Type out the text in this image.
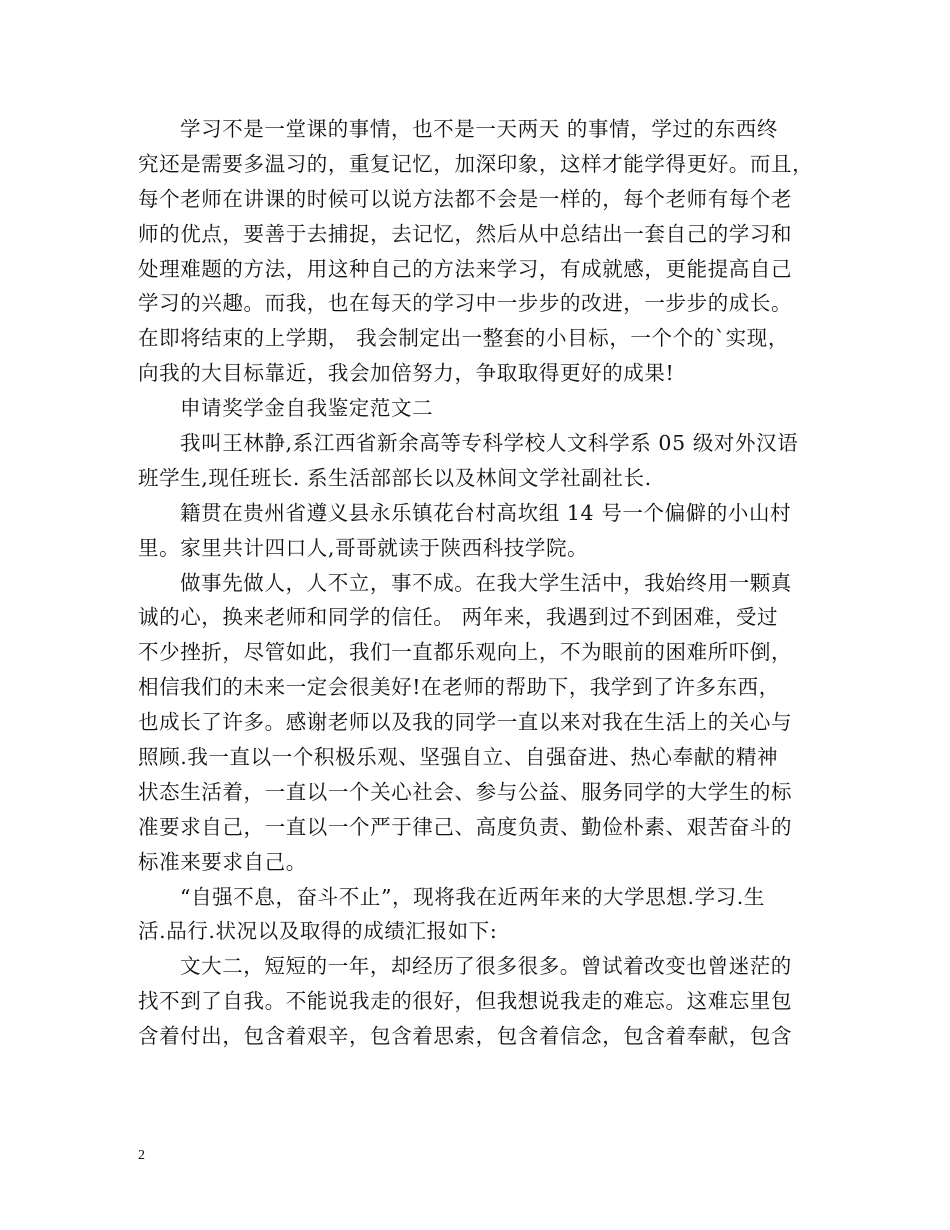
学习不是一堂课的事情，也不是一天两天 的事情，学过的东西终
究还是需要多温习的，重复记忆，加深印象，这样才能学得更好。而且，
每个老师在讲课的时候可以说方法都不会是一样的，每个老师有每个老
师的优点，要善于去捕捉，去记忆，然后从中总结出一套自己的学习和
处理难题的方法，用这种自己的方法来学习，有成就感，更能提高自己
学习的兴趣。而我，也在每天的学习中一步步的改进，一步步的成长。
在即将结束的上学期， 我会制定出一整套的小目标，一个个的`实现，
向我的大目标靠近，我会加倍努力，争取取得更好的成果!
申请奖学金自我鉴定范文二
我叫王林静,系江西省新余高等专科学校人文科学系 05 级对外汉语
班学生,现任班长. 系生活部部长以及林间文学社副社长.
籍贯在贵州省遵义县永乐镇花台村高坎组 14 号一个偏僻的小山村
里。家里共计四口人,哥哥就读于陕西科技学院。
做事先做人，人不立，事不成。在我大学生活中，我始终用一颗真
诚的心，换来老师和同学的信任。 两年来，我遇到过不到困难，受过
不少挫折，尽管如此，我们一直都乐观向上，不为眼前的困难所吓倒，
相信我们的未来一定会很美好!在老师的帮助下，我学到了许多东西，
也成长了许多。感谢老师以及我的同学一直以来对我在生活上的关心与
照顾.我一直以一个积极乐观、坚强自立、自强奋进、热心奉献的精神
状态生活着，一直以一个关心社会、参与公益、服务同学的大学生的标
准要求自己，一直以一个严于律己、高度负责、勤俭朴素、艰苦奋斗的
标准来要求自己。
“自强不息，奋斗不止”，现将我在近两年来的大学思想.学习.生
活.品行.状况以及取得的成绩汇报如下:
文大二，短短的一年，却经历了很多很多。曾试着改变也曾迷茫的
找不到了自我。不能说我走的很好，但我想说我走的难忘。这难忘里包
含着付出，包含着艰辛，包含着思索，包含着信念，包含着奉献，包含
2
